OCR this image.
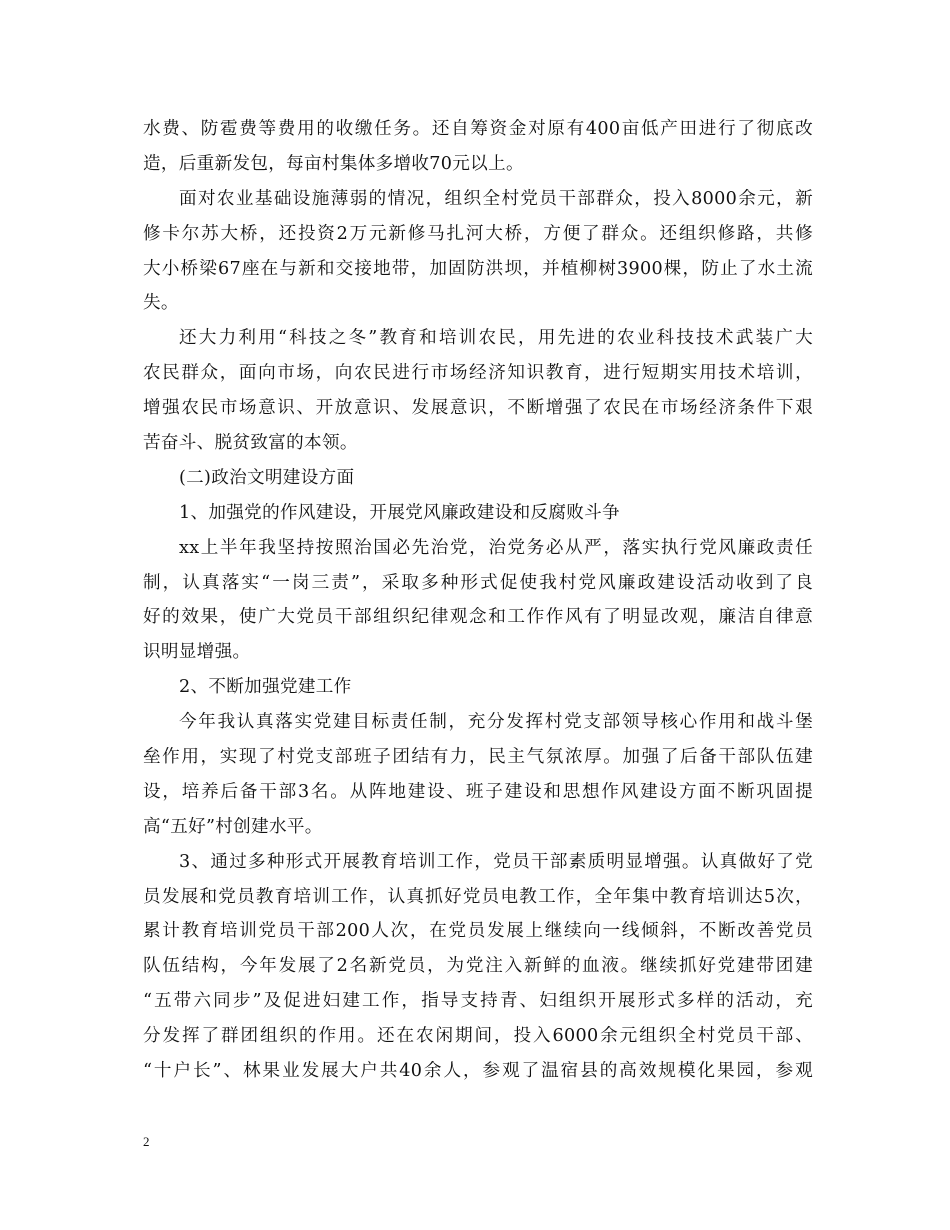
水费、防雹费等费用的收缴任务。还自筹资金对原有400亩低产田进行了彻底改
造，后重新发包，每亩村集体多增收70元以上。
面对农业基础设施薄弱的情况，组织全村党员干部群众，投入8000余元，新
修卡尔苏大桥，还投资2万元新修马扎河大桥，方便了群众。还组织修路，共修
大小桥梁67座在与新和交接地带，加固防洪坝，并植柳树3900棵，防止了水土流
失。
还大力利用“科技之冬”教育和培训农民，用先进的农业科技技术武装广大
农民群众，面向市场，向农民进行市场经济知识教育，进行短期实用技术培训，
增强农民市场意识、开放意识、发展意识，不断增强了农民在市场经济条件下艰
苦奋斗、脱贫致富的本领。
(二)政治文明建设方面
1、加强党的作风建设，开展党风廉政建设和反腐败斗争
xx上半年我坚持按照治国必先治党，治党务必从严，落实执行党风廉政责任
制，认真落实“一岗三责”，采取多种形式促使我村党风廉政建设活动收到了良
好的效果，使广大党员干部组织纪律观念和工作作风有了明显改观，廉洁自律意
识明显增强。
2、不断加强党建工作
今年我认真落实党建目标责任制，充分发挥村党支部领导核心作用和战斗堡
垒作用，实现了村党支部班子团结有力，民主气氛浓厚。加强了后备干部队伍建
设，培养后备干部3名。从阵地建设、班子建设和思想作风建设方面不断巩固提
高“五好”村创建水平。
3、通过多种形式开展教育培训工作，党员干部素质明显增强。认真做好了党
员发展和党员教育培训工作，认真抓好党员电教工作，全年集中教育培训达5次，
累计教育培训党员干部200人次，在党员发展上继续向一线倾斜，不断改善党员
队伍结构，今年发展了2名新党员，为党注入新鲜的血液。继续抓好党建带团建
“五带六同步”及促进妇建工作，指导支持青、妇组织开展形式多样的活动，充
分发挥了群团组织的作用。还在农闲期间，投入6000余元组织全村党员干部、
“十户长”、林果业发展大户共40余人，参观了温宿县的高效规模化果园，参观
2
